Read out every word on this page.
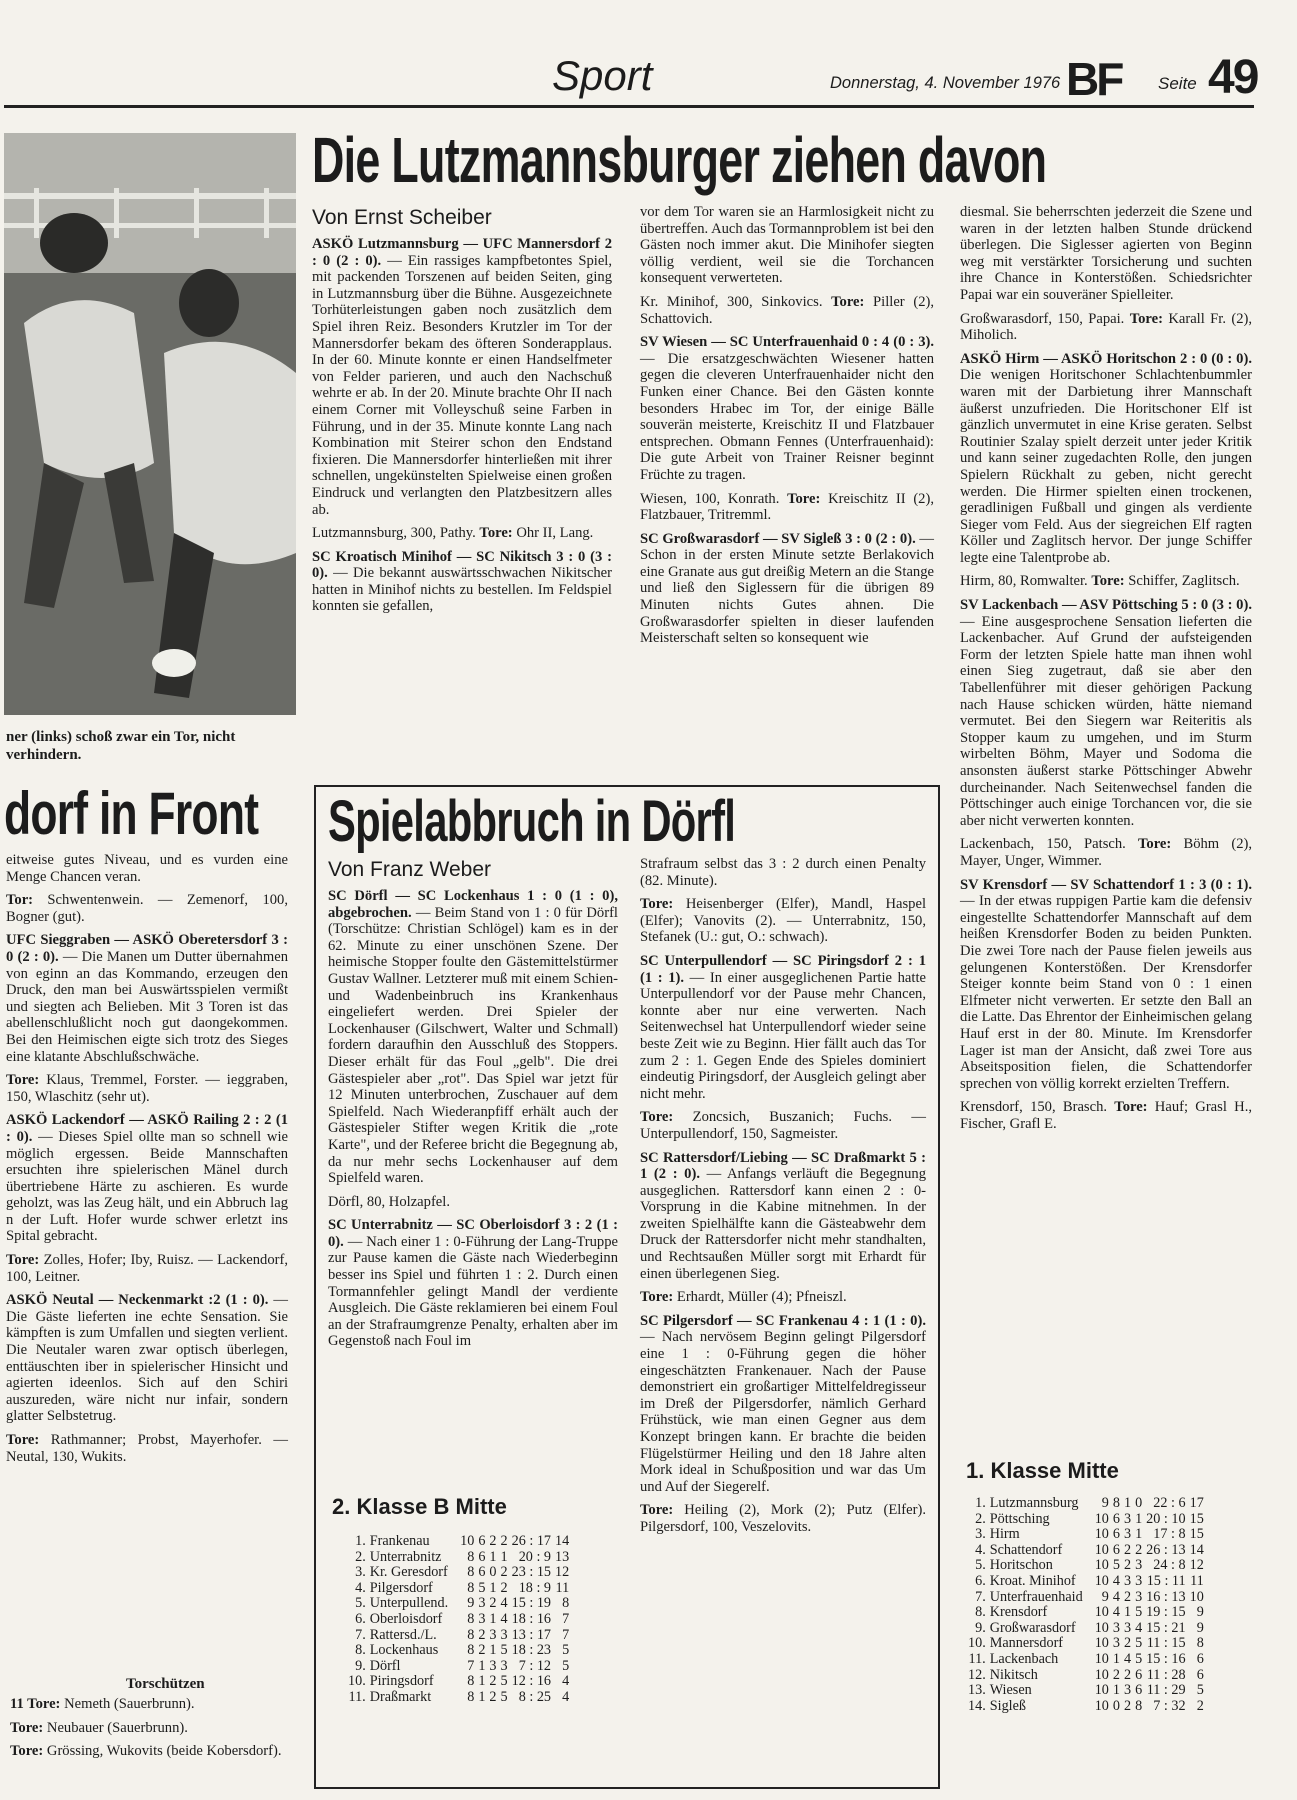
Sport	Donnerstag, 4. November 1976 BF Seite 49
ner (links) schoß zwar ein Tor, nicht verhindern.
Die Lutzmannsburger ziehen davon
Von Ernst Scheiber

ASKÖ Lutzmannsburg — UFC Mannersdorf 2 : 0 (2 : 0). — Ein rassiges kampfbetontes Spiel, mit packenden Torszenen auf beiden Seiten, ging in Lutzmannsburg über die Bühne. Ausgezeichnete Torhüterleistungen gaben noch zusätzlich dem Spiel ihren Reiz. Besonders Krutzler im Tor der Mannersdorfer bekam des öfteren Sonderapplaus. In der 60. Minute konnte er einen Handselfmeter von Felder parieren, und auch den Nachschuß wehrte er ab. In der 20. Minute brachte Ohr II nach einem Corner mit Volleyschuß seine Farben in Führung, und in der 35. Minute konnte Lang nach Kombination mit Steirer schon den Endstand fixieren. Die Mannersdorfer hinterließen mit ihrer schnellen, ungekünstelten Spielweise einen großen Eindruck und verlangten den Platzbesitzern alles ab.

Lutzmannsburg, 300, Pathy. Tore: Ohr II, Lang.

SC Kroatisch Minihof — SC Nikitsch 3 : 0 (3 : 0). — Die bekannt auswärtsschwachen Nikitscher hatten in Minihof nichts zu bestellen. Im Feldspiel konnten sie gefallen,

vor dem Tor waren sie an Harmlosigkeit nicht zu übertreffen. Auch das Tormannproblem ist bei den Gästen noch immer akut. Die Minihofer siegten völlig verdient, weil sie die Torchancen konsequent verwerteten.

Kr. Minihof, 300, Sinkovics. Tore: Piller (2), Schattovich.

SV Wiesen — SC Unterfrauenhaid 0 : 4 (0 : 3). — Die ersatzgeschwächten Wiesener hatten gegen die cleveren Unterfrauenhaider nicht den Funken einer Chance. Bei den Gästen konnte besonders Hrabec im Tor, der einige Bälle souverän meisterte, Kreischitz II und Flatzbauer entsprechen. Obmann Fennes (Unterfrauenhaid): Die gute Arbeit von Trainer Reisner beginnt Früchte zu tragen.

Wiesen, 100, Konrath. Tore: Kreischitz II (2), Flatzbauer, Tritremml.

SC Großwarasdorf — SV Sigleß 3 : 0 (2 : 0). — Schon in der ersten Minute setzte Berlakovich eine Granate aus gut dreißig Metern an die Stange und ließ den Siglessern für die übrigen 89 Minuten nichts Gutes ahnen. Die Großwarasdorfer spielten in dieser laufenden Meisterschaft selten so konsequent wie

diesmal. Sie beherrschten jederzeit die Szene und waren in der letzten halben Stunde drückend überlegen. Die Siglesser agierten von Beginn weg mit verstärkter Torsicherung und suchten ihre Chance in Konterstößen. Schiedsrichter Papai war ein souveräner Spielleiter.

Großwarasdorf, 150, Papai. Tore: Karall Fr. (2), Miholich.

ASKÖ Hirm — ASKÖ Horitschon 2 : 0 (0 : 0). Die wenigen Horitschoner Schlachtenbummler waren mit der Darbietung ihrer Mannschaft äußerst unzufrieden. Die Horitschoner Elf ist gänzlich unvermutet in eine Krise geraten. Selbst Routinier Szalay spielt derzeit unter jeder Kritik und kann seiner zugedachten Rolle, den jungen Spielern Rückhalt zu geben, nicht gerecht werden. Die Hirmer spielten einen trockenen, geradlinigen Fußball und gingen als verdiente Sieger vom Feld. Aus der siegreichen Elf ragten Köller und Zaglitsch hervor. Der junge Schiffer legte eine Talentprobe ab.

Hirm, 80, Romwalter. Tore: Schiffer, Zaglitsch.

SV Lackenbach — ASV Pöttsching 5 : 0 (3 : 0). — Eine ausgesprochene Sensation lieferten die Lackenbacher. Auf Grund der aufsteigenden Form der letzten Spiele hatte man ihnen wohl einen Sieg zugetraut, daß sie aber den Tabellenführer mit dieser gehörigen Packung nach Hause schicken würden, hätte niemand vermutet. Bei den Siegern war Reiteritis als Stopper kaum zu umgehen, und im Sturm wirbelten Böhm, Mayer und Sodoma die ansonsten äußerst starke Pöttschinger Abwehr durcheinander. Nach Seitenwechsel fanden die Pöttschinger auch einige Torchancen vor, die sie aber nicht verwerten konnten.

Lackenbach, 150, Patsch. Tore: Böhm (2), Mayer, Unger, Wimmer.

SV Krensdorf — SV Schattendorf 1 : 3 (0 : 1). — In der etwas ruppigen Partie kam die defensiv eingestellte Schattendorfer Mannschaft auf dem heißen Krensdorfer Boden zu beiden Punkten. Die zwei Tore nach der Pause fielen jeweils aus gelungenen Konterstößen. Der Krensdorfer Steiger konnte beim Stand von 0 : 1 einen Elfmeter nicht verwerten. Er setzte den Ball an die Latte. Das Ehrentor der Einheimischen gelang Hauf erst in der 80. Minute. Im Krensdorfer Lager ist man der Ansicht, daß zwei Tore aus Abseitsposition fielen, die Schattendorfer sprechen von völlig korrekt erzielten Treffern.

Krensdorf, 150, Brasch. Tore: Hauf; Grasl H., Fischer, Grafl E.

dorf in Front

eitweise gutes Niveau, und es vurden eine Menge Chancen veran.

Tor: Schwentenwein. — Zemenorf, 100, Bogner (gut).

UFC Sieggraben — ASKÖ Oberetersdorf 3 : 0 (2 : 0). — Die Manen um Dutter übernahmen von eginn an das Kommando, erzeugen den Druck, den man bei Auswärtsspielen vermißt und siegten ach Belieben. Mit 3 Toren ist das abellenschlußlicht noch gut daongekommen. Bei den Heimischen eigte sich trotz des Sieges eine klatante Abschlußschwäche.

Tore: Klaus, Tremmel, Forster. — ieggraben, 150, Wlaschitz (sehr ut).

ASKÖ Lackendorf — ASKÖ Railing 2 : 2 (1 : 0). — Dieses Spiel ollte man so schnell wie möglich ergessen. Beide Mannschaften ersuchten ihre spielerischen Mänel durch übertriebene Härte zu aschieren. Es wurde geholzt, was las Zeug hält, und ein Abbruch lag n der Luft. Hofer wurde schwer erletzt ins Spital gebracht.

Tore: Zolles, Hofer; Iby, Ruisz. — Lackendorf, 100, Leitner.

ASKÖ Neutal — Neckenmarkt :2 (1 : 0). — Die Gäste lieferten ine echte Sensation. Sie kämpften is zum Umfallen und siegten verlient. Die Neutaler waren zwar optisch überlegen, enttäuschten iber in spielerischer Hinsicht und agierten ideenlos. Sich auf den Schiri auszureden, wäre nicht nur infair, sondern glatter Selbstetrug.

Tore: Rathmanner; Probst, Mayerhofer. — Neutal, 130, Wukits.

Torschützen

11 Tore: Nemeth (Sauerbrunn).

Tore: Neubauer (Sauerbrunn).

Tore: Grössing, Wukovits (beide Kobersdorf).

Spielabbruch in Dörfl
Von Franz Weber

SC Dörfl — SC Lockenhaus 1 : 0 (1 : 0), abgebrochen. — Beim Stand von 1 : 0 für Dörfl (Torschütze: Christian Schlögel) kam es in der 62. Minute zu einer unschönen Szene. Der heimische Stopper foulte den Gästemittelstürmer Gustav Wallner. Letzterer muß mit einem Schien- und Wadenbeinbruch ins Krankenhaus eingeliefert werden. Drei Spieler der Lockenhauser (Gilschwert, Walter und Schmall) fordern daraufhin den Ausschluß des Stoppers. Dieser erhält für das Foul „gelb". Die drei Gästespieler aber „rot". Das Spiel war jetzt für 12 Minuten unterbrochen, Zuschauer auf dem Spielfeld. Nach Wiederanpfiff erhält auch der Gästespieler Stifter wegen Kritik die „rote Karte", und der Referee bricht die Begegnung ab, da nur mehr sechs Lockenhauser auf dem Spielfeld waren.

Dörfl, 80, Holzapfel.

SC Unterrabnitz — SC Oberloisdorf 3 : 2 (1 : 0). — Nach einer 1 : 0-Führung der Lang-Truppe zur Pause kamen die Gäste nach Wiederbeginn besser ins Spiel und führten 1 : 2. Durch einen Tormannfehler gelingt Mandl der verdiente Ausgleich. Die Gäste reklamieren bei einem Foul an der Strafraumgrenze Penalty, erhalten aber im Gegenstoß nach Foul im

Strafraum selbst das 3 : 2 durch einen Penalty (82. Minute).

Tore: Heisenberger (Elfer), Mandl, Haspel (Elfer); Vanovits (2). — Unterrabnitz, 150, Stefanek (U.: gut, O.: schwach).

SC Unterpullendorf — SC Piringsdorf 2 : 1 (1 : 1). — In einer ausgeglichenen Partie hatte Unterpullendorf vor der Pause mehr Chancen, konnte aber nur eine verwerten. Nach Seitenwechsel hat Unterpullendorf wieder seine beste Zeit wie zu Beginn. Hier fällt auch das Tor zum 2 : 1. Gegen Ende des Spieles dominiert eindeutig Piringsdorf, der Ausgleich gelingt aber nicht mehr.

Tore: Zoncsich, Buszanich; Fuchs. — Unterpullendorf, 150, Sagmeister.

SC Rattersdorf/Liebing — SC Draßmarkt 5 : 1 (2 : 0). — Anfangs verläuft die Begegnung ausgeglichen. Rattersdorf kann einen 2 : 0-Vorsprung in die Kabine mitnehmen. In der zweiten Spielhälfte kann die Gästeabwehr dem Druck der Rattersdorfer nicht mehr standhalten, und Rechtsaußen Müller sorgt mit Erhardt für einen überlegenen Sieg.

Tore: Erhardt, Müller (4); Pfneiszl.

SC Pilgersdorf — SC Frankenau 4 : 1 (1 : 0). — Nach nervösem Beginn gelingt Pilgersdorf eine 1 : 0-Führung gegen die höher eingeschätzten Frankenauer. Nach der Pause demonstriert ein großartiger Mittelfeldregisseur im Dreß der Pilgersdorfer, nämlich Gerhard Frühstück, wie man einen Gegner aus dem Konzept bringen kann. Er brachte die beiden Flügelstürmer Heiling und den 18 Jahre alten Mork ideal in Schußposition und war das Um und Auf der Siegerelf.

Tore: Heiling (2), Mork (2); Putz (Elfer). Pilgersdorf, 100, Veszelovits.

2. Klasse B Mitte
1.	Frankenau	10	6	2	2	26 : 17	14
2.	Unterrabnitz	8	6	1	1	20 : 9	13
3.	Kr. Geresdorf	8	6	0	2	23 : 15	12
4.	Pilgersdorf	8	5	1	2	18 : 9	11
5.	Unterpullend.	9	3	2	4	15 : 19	8
6.	Oberloisdorf	8	3	1	4	18 : 16	7
7.	Rattersd./L.	8	2	3	3	13 : 17	7
8.	Lockenhaus	8	2	1	5	18 : 23	5
9.	Dörfl	7	1	3	3	7 : 12	5
10.	Piringsdorf	8	1	2	5	12 : 16	4
11.	Draßmarkt	8	1	2	5	8 : 25	4
1. Klasse Mitte
1.	Lutzmannsburg	9	8	1	0	22 : 6	17
2.	Pöttsching	10	6	3	1	20 : 10	15
3.	Hirm	10	6	3	1	17 : 8	15
4.	Schattendorf	10	6	2	2	26 : 13	14
5.	Horitschon	10	5	2	3	24 : 8	12
6.	Kroat. Minihof	10	4	3	3	15 : 11	11
7.	Unterfrauenhaid	9	4	2	3	16 : 13	10
8.	Krensdorf	10	4	1	5	19 : 15	9
9.	Großwarasdorf	10	3	3	4	15 : 21	9
10.	Mannersdorf	10	3	2	5	11 : 15	8
11.	Lackenbach	10	1	4	5	15 : 16	6
12.	Nikitsch	10	2	2	6	11 : 28	6
13.	Wiesen	10	1	3	6	11 : 29	5
14.	Sigleß	10	0	2	8	7 : 32	2
